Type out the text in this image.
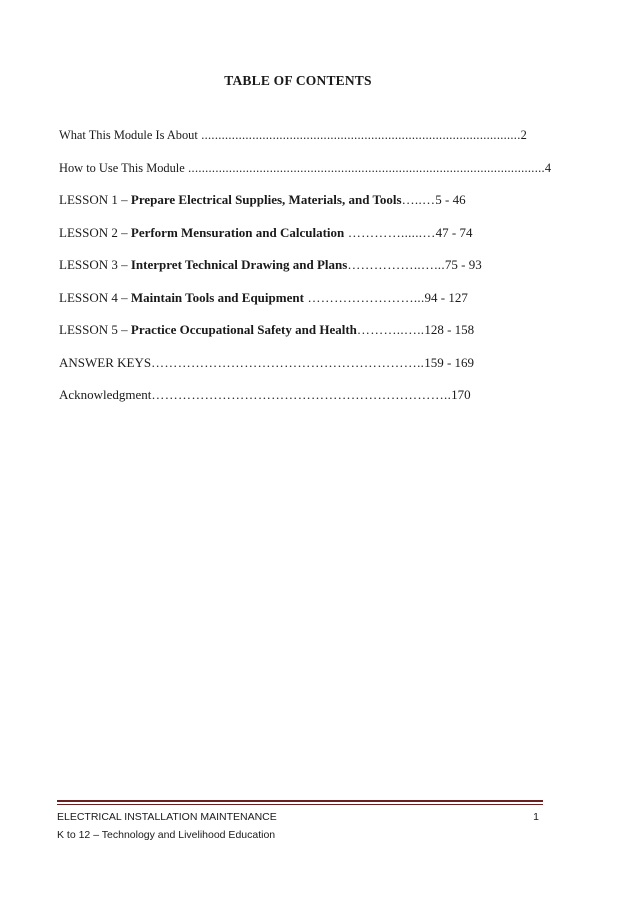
TABLE OF CONTENTS
What This Module Is About ..............................................................................................2
How to Use This Module .........................................................................................................4
LESSON 1 – Prepare Electrical Supplies, Materials, and Tools…..…5 - 46
LESSON 2 – Perform Mensuration and Calculation …………......…47 - 74
LESSON 3 – Interpret Technical Drawing and Plans……………..…...75 - 93
LESSON 4 – Maintain Tools and Equipment ……………………...94 - 127
LESSON 5 – Practice Occupational Safety and Health………..…..128 - 158
ANSWER KEYS……………………………………………………..159 - 169
Acknowledgment…………………………………………………………..170
ELECTRICAL INSTALLATION MAINTENANCE	1
K to 12 – Technology and Livelihood Education
